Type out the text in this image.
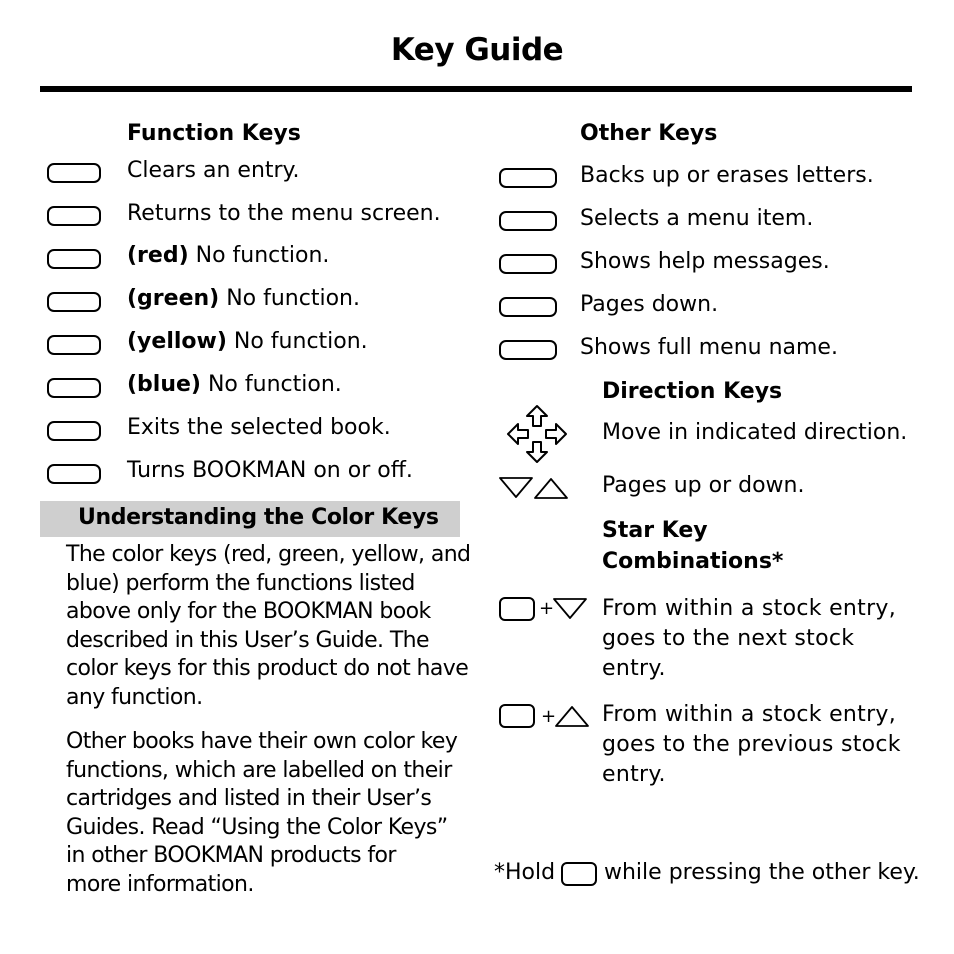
Key Guide
Function Keys
Clears an entry.
Returns to the menu screen.
(red) No function.
(green) No function.
(yellow) No function.
(blue) No function.
Exits the selected book.
Turns BOOKMAN on or off.
Understanding the Color Keys
The color keys (red, green, yellow, and
blue) perform the functions listed
above only for the BOOKMAN book
described in this User’s Guide. The
color keys for this product do not have
any function.
Other books have their own color key
functions, which are labelled on their
cartridges and listed in their User’s
Guides. Read “Using the Color Keys”
in other BOOKMAN products for
more information.
Other Keys
Backs up or erases letters.
Selects a menu item.
Shows help messages.
Pages down.
Shows full menu name.
Direction Keys
Move in indicated direction.
Pages up or down.
Star Key
Combinations*
+ From within a stock entry,
goes to the next stock
entry.
+ From within a stock entry,
goes to the previous stock
entry.
*Hold while pressing the other key.
